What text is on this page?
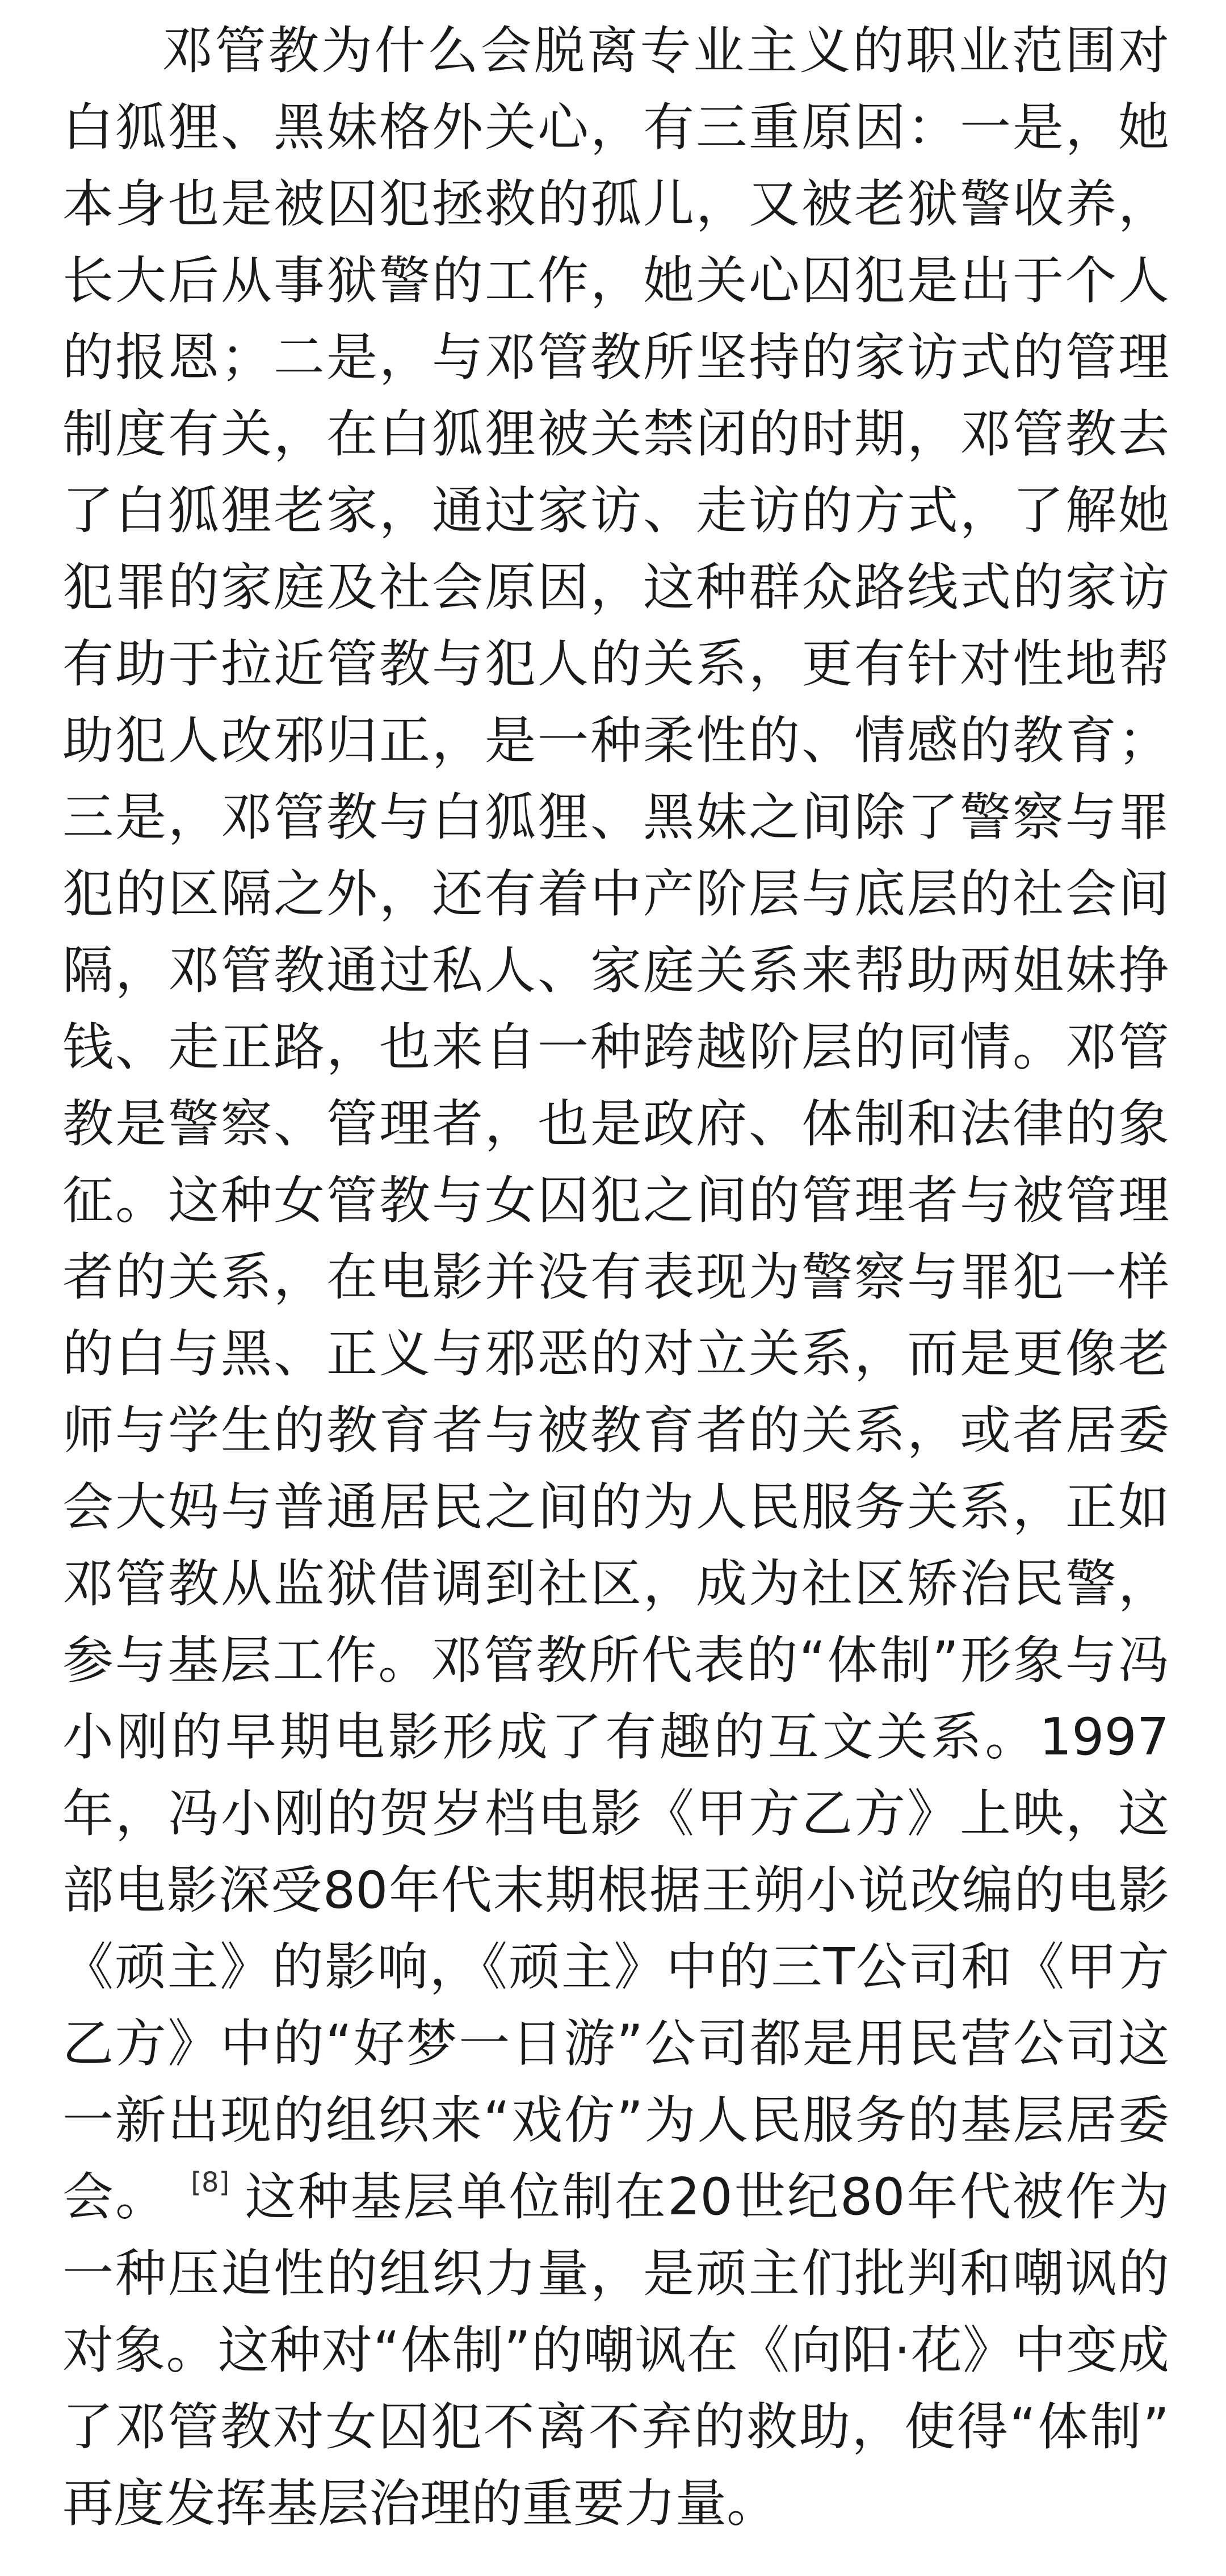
邓管教为什么会脱离专业主义的职业范围对
白狐狸、黑妹格外关心，有三重原因：一是，她
本身也是被囚犯拯救的孤儿，又被老狱警收养，
长大后从事狱警的工作，她关心囚犯是出于个人
的报恩；二是，与邓管教所坚持的家访式的管理
制度有关，在白狐狸被关禁闭的时期，邓管教去
了白狐狸老家，通过家访、走访的方式，了解她
犯罪的家庭及社会原因，这种群众路线式的家访
有助于拉近管教与犯人的关系，更有针对性地帮
助犯人改邪归正，是一种柔性的、情感的教育；
三是，邓管教与白狐狸、黑妹之间除了警察与罪
犯的区隔之外，还有着中产阶层与底层的社会间
隔，邓管教通过私人、家庭关系来帮助两姐妹挣
钱、走正路，也来自一种跨越阶层的同情。邓管
教是警察、管理者，也是政府、体制和法律的象
征。这种女管教与女囚犯之间的管理者与被管理
者的关系，在电影并没有表现为警察与罪犯一样
的白与黑、正义与邪恶的对立关系，而是更像老
师与学生的教育者与被教育者的关系，或者居委
会大妈与普通居民之间的为人民服务关系，正如
邓管教从监狱借调到社区，成为社区矫治民警，
参与基层工作。邓管教所代表的“体制”形象与冯
小刚的早期电影形成了有趣的互文关系。1997
年，冯小刚的贺岁档电影《甲方乙方》上映，这
部电影深受80年代末期根据王朔小说改编的电影
《顽主》的影响，《顽主》中的三T公司和《甲方
乙方》中的“好梦一日游”公司都是用民营公司这
一新出现的组织来“戏仿”为人民服务的基层居委
会。 [8] 这种基层单位制在20世纪80年代被作为
一种压迫性的组织力量，是顽主们批判和嘲讽的
对象。这种对“体制”的嘲讽在《向阳·花》中变成
了邓管教对女囚犯不离不弃的救助，使得“体制”
再度发挥基层治理的重要力量。
